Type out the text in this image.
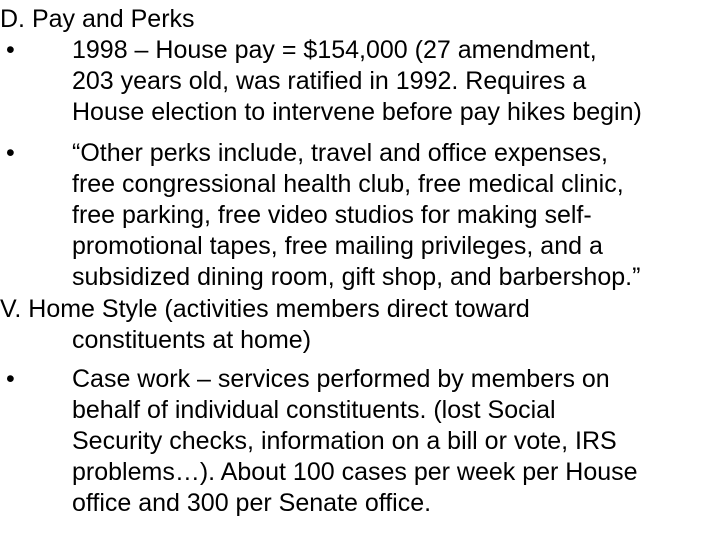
D. Pay and Perks
• 1998 – House pay = $154,000 (27 amendment,
203 years old, was ratified in 1992. Requires a
House election to intervene before pay hikes begin)
• “Other perks include, travel and office expenses,
free congressional health club, free medical clinic,
free parking, free video studios for making self-
promotional tapes, free mailing privileges, and a
subsidized dining room, gift shop, and barbershop.”
V. Home Style (activities members direct toward
constituents at home)
• Case work – services performed by members on
behalf of individual constituents. (lost Social
Security checks, information on a bill or vote, IRS
problems…). About 100 cases per week per House
office and 300 per Senate office.
